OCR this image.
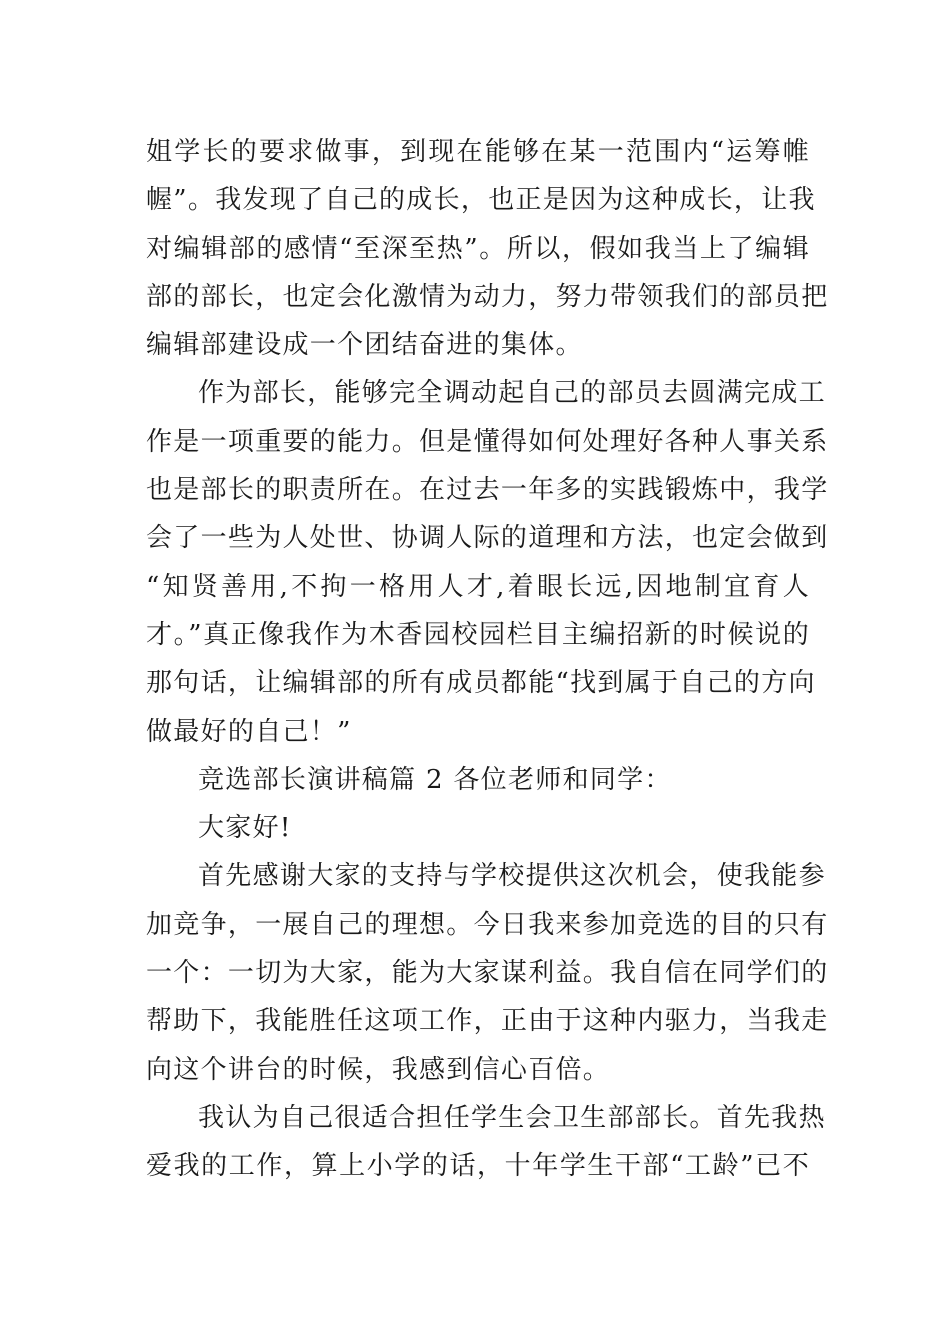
姐学长的要求做事，到现在能够在某一范围内“运筹帷
幄”。我发现了自己的成长，也正是因为这种成长，让我
对编辑部的感情“至深至热”。所以，假如我当上了编辑
部的部长，也定会化激情为动力，努力带领我们的部员把
编辑部建设成一个团结奋进的集体。
作为部长，能够完全调动起自己的部员去圆满完成工
作是一项重要的能力。但是懂得如何处理好各种人事关系
也是部长的职责所在。在过去一年多的实践锻炼中，我学
会了一些为人处世、协调人际的道理和方法，也定会做到
“知贤善用,不拘一格用人才,着眼长远,因地制宜育人
才。”真正像我作为木香园校园栏目主编招新的时候说的
那句话，让编辑部的所有成员都能“找到属于自己的方向
做最好的自己！”
竞选部长演讲稿篇 2 各位老师和同学：
大家好!
首先感谢大家的支持与学校提供这次机会，使我能参
加竞争，一展自己的理想。今日我来参加竞选的目的只有
一个：一切为大家，能为大家谋利益。我自信在同学们的
帮助下，我能胜任这项工作，正由于这种内驱力，当我走
向这个讲台的时候，我感到信心百倍。
我认为自己很适合担任学生会卫生部部长。首先我热
爱我的工作，算上小学的话，十年学生干部“工龄”已不
